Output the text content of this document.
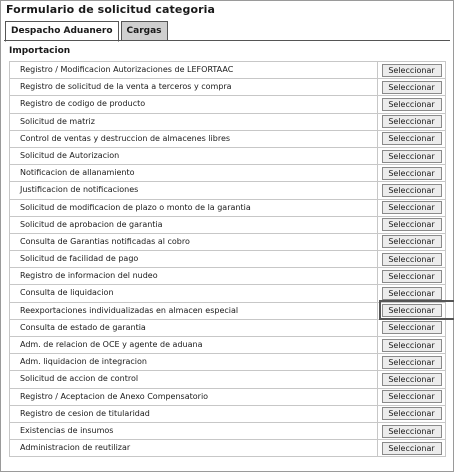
Formulario de solicitud categoria
Despacho Aduanero	Cargas
Importacion
Registro / Modificacion Autorizaciones de LEFORTAAC	Seleccionar
Registro de solicitud de la venta a terceros y compra	Seleccionar
Registro de codigo de producto	Seleccionar
Solicitud de matriz	Seleccionar
Control de ventas y destruccion de almacenes libres	Seleccionar
Solicitud de Autorizacion	Seleccionar
Notificacion de allanamiento	Seleccionar
Justificacion de notificaciones	Seleccionar
Solicitud de modificacion de plazo o monto de la garantia	Seleccionar
Solicitud de aprobacion de garantia	Seleccionar
Consulta de Garantias notificadas al cobro	Seleccionar
Solicitud de facilidad de pago	Seleccionar
Registro de informacion del nudeo	Seleccionar
Consulta de liquidacion	Seleccionar
Reexportaciones individualizadas en almacen especial	Seleccionar
Consulta de estado de garantia	Seleccionar
Adm. de relacion de OCE y agente de aduana	Seleccionar
Adm. liquidacion de integracion	Seleccionar
Solicitud de accion de control	Seleccionar
Registro / Aceptacion de Anexo Compensatorio	Seleccionar
Registro de cesion de titularidad	Seleccionar
Existencias de insumos	Seleccionar
Administracion de reutilizar	Seleccionar
